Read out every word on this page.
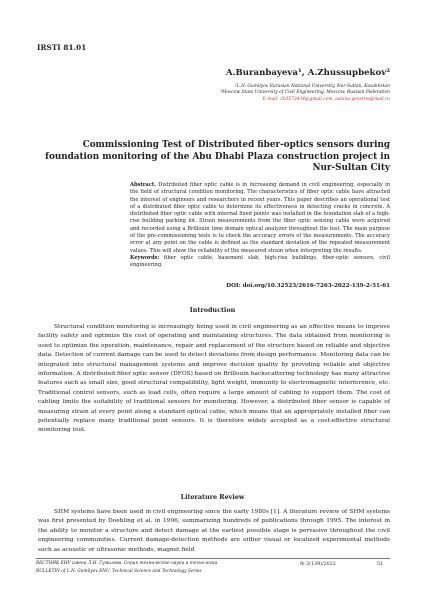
IRSTI 81.01
A.Buranbayeva¹, A.Zhussupbekov²
¹L.N. Gumilyov Eurasian National University, Nur-Sultan, Kazakhstan
²Moscow State University of Civil Engineering, Moscow, Russian Federation
E-mail: 303573434@gmail.com, astana-geostroi@mail.ru
Commissioning Test of Distributed fiber-optics sensors during foundation monitoring of the Abu Dhabi Plaza construction project in Nur-Sultan City
Abstract. Distributed fiber optic cable is in increasing demand in civil engineering, especially in the field of structural condition monitoring. The characteristics of fiber optic cable have attracted the interest of engineers and researchers in recent years. This paper describes an operational test of a distributed fiber optic cable to determine its effectiveness in detecting cracks in concrete. A distributed fiber optic cable with internal fixed points was installed in the foundation slab of a high-rise building parking lot. Strain measurements from the fiber optic sensing cable were acquired and recorded using a Brillouin time domain optical analyzer throughout the test. The main purpose of the pre-commissioning tests is to check the accuracy errors of the measurements. The accuracy error at any point on the cable is defined as the standard deviation of the repeated measurement values. This will show the reliability of the measured strain when interpreting the results.
Keywords: fiber optic cable, basement slab, high-rise buildings, fiber-optic sensors, civil engineering.
DOI: doi.org/10.32523/2616-7263-2022-139-2-51-61
Introduction

Structural condition monitoring is increasingly being used in civil engineering as an effective means to improve facility safety and optimize the cost of operating and maintaining structures. The data obtained from monitoring is used to optimize the operation, maintenance, repair and replacement of the structure based on reliable and objective data. Detection of current damage can be used to detect deviations from design performance. Monitoring data can be integrated into structural management systems and improve decision quality by providing reliable and objective information. A distributed fiber optic sensor (DFOS) based on Brillouin backscattering technology has many attractive features such as small size, good structural compatibility, light weight, immunity to electromagnetic interference, etc. Traditional control sensors, such as load cells, often require a large amount of cabling to support them. The cost of cabling limits the suitability of traditional sensors for monitoring. However, a distributed fiber sensor is capable of measuring strain at every point along a standard optical cable, which means that an appropriately installed fiber can potentially replace many traditional point sensors. It is therefore widely accepted as a cost-effective structural monitoring tool.

Literature Review

SHM systems have been used in civil engineering since the early 1980s [1]. A literature review of SHM systems was first presented by Doebling et al. in 1996, summarizing hundreds of publications through 1995. The interest in the ability to monitor a structure and detect damage at the earliest possible stage is pervasive throughout the civil engineering communities. Current damage-detection methods are either visual or localized experimental methods such as acoustic or ultrasonic methods, magnet field

ВЕСТНИК ЕНУ имени Л.Н. Гумилева. Серия технические науки и технологии
BULLETIN of L.N. Gumilyov ENU. Technical Science and Technology Series
№ 2(139)/2022	51
